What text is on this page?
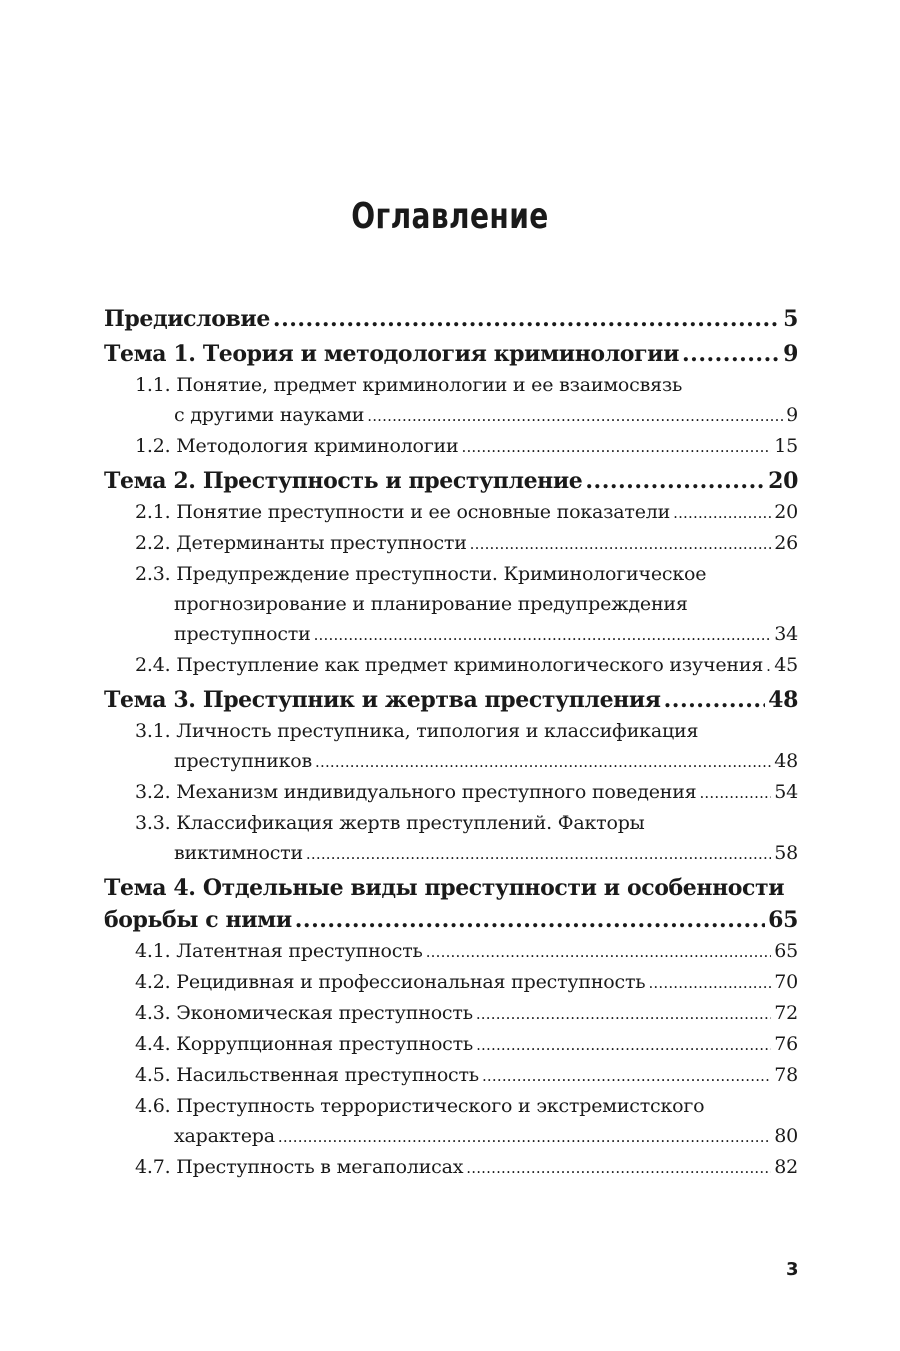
Оглавление
Предисловие .....	5
Тема 1. Теория и методология криминологии .....	9
1.1. Понятие, предмет криминологии и ее взаимосвязь
с другими науками .....	9
1.2. Методология криминологии .....	15
Тема 2. Преступность и преступление .....	20
2.1. Понятие преступности и ее основные показатели .....	20
2.2. Детерминанты преступности .....	26
2.3. Предупреждение преступности. Криминологическое
прогнозирование и планирование предупреждения
преступности .....	34
2.4. Преступление как предмет криминологического изучения ..... 45
Тема 3. Преступник и жертва преступления .....	48
3.1. Личность преступника, типология и классификация
преступников .....	48
3.2. Механизм индивидуального преступного поведения .....	54
3.3. Классификация жертв преступлений. Факторы
виктимности .....	58
Тема 4. Отдельные виды преступности и особенности
борьбы с ними .....	65
4.1. Латентная преступность .....	65
4.2. Рецидивная и профессиональная преступность .....	70
4.3. Экономическая преступность .....	72
4.4. Коррупционная преступность .....	76
4.5. Насильственная преступность .....	78
4.6. Преступность террористического и экстремистского
характера .....	80
4.7. Преступность в мегаполисах .....	82
3
